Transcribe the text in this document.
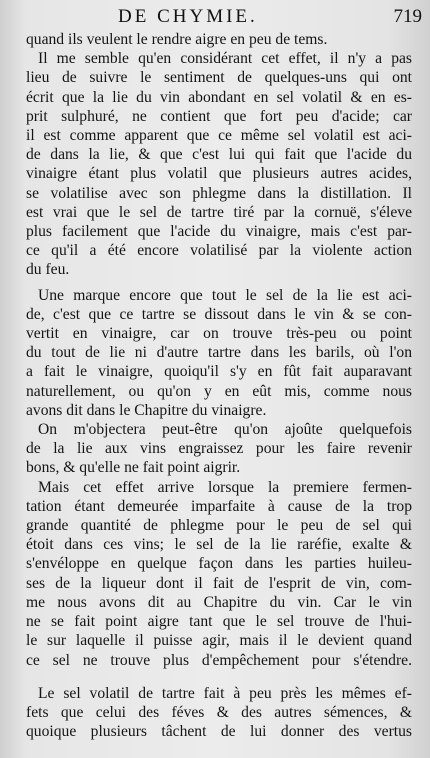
DE CHYMIE.	719

quand ils veulent le rendre aigre en peu de tems.

Il me semble qu'en considérant cet effet, il n'y a pas
lieu de suivre le sentiment de quelques-uns qui ont
écrit que la lie du vin abondant en sel volatil & en es-
prit sulphuré, ne contient que fort peu d'acide; car
il est comme apparent que ce même sel volatil est aci-
de dans la lie, & que c'est lui qui fait que l'acide du
vinaigre étant plus volatil que plusieurs autres acides,
se volatilise avec son phlegme dans la distillation. Il
est vrai que le sel de tartre tiré par la cornuë, s'éleve
plus facilement que l'acide du vinaigre, mais c'est par-
ce qu'il a été encore volatilisé par la violente action
du feu.

Une marque encore que tout le sel de la lie est aci-
de, c'est que ce tartre se dissout dans le vin & se con-
vertit en vinaigre, car on trouve très-peu ou point
du tout de lie ni d'autre tartre dans les barils, où l'on
a fait le vinaigre, quoiqu'il s'y en fût fait auparavant
naturellement, ou qu'on y en eût mis, comme nous
avons dit dans le Chapitre du vinaigre.

On m'objectera peut-être qu'on ajoûte quelquefois
de la lie aux vins engraissez pour les faire revenir
bons, & qu'elle ne fait point aigrir.

Mais cet effet arrive lorsque la premiere fermen-
tation étant demeurée imparfaite à cause de la trop
grande quantité de phlegme pour le peu de sel qui
étoit dans ces vins; le sel de la lie raréfie, exalte &
s'envéloppe en quelque façon dans les parties huileu-
ses de la liqueur dont il fait de l'esprit de vin, com-
me nous avons dit au Chapitre du vin. Car le vin
ne se fait point aigre tant que le sel trouve de l'hui-
le sur laquelle il puisse agir, mais il le devient quand
ce sel ne trouve plus d'empêchement pour s'étendre.

Le sel volatil de tartre fait à peu près les mêmes ef-
fets que celui des féves & des autres sémences, &
quoique plusieurs tâchent de lui donner des vertus
